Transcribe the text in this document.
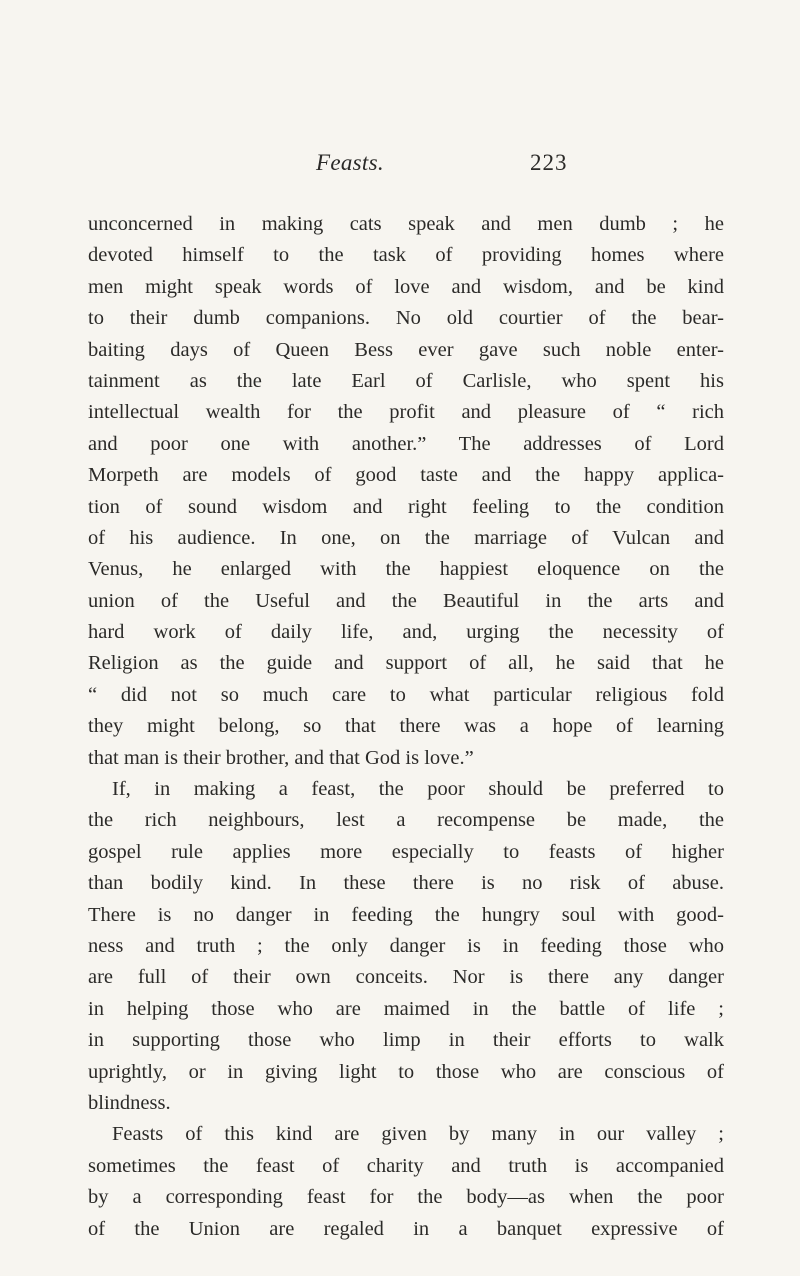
Feasts.	223
unconcerned in making cats speak and men dumb ; he
devoted himself to the task of providing homes where
men might speak words of love and wisdom, and be kind
to their dumb companions. No old courtier of the bear-
baiting days of Queen Bess ever gave such noble enter-
tainment as the late Earl of Carlisle, who spent his
intellectual wealth for the profit and pleasure of “ rich
and poor one with another.” The addresses of Lord
Morpeth are models of good taste and the happy applica-
tion of sound wisdom and right feeling to the condition
of his audience. In one, on the marriage of Vulcan and
Venus, he enlarged with the happiest eloquence on the
union of the Useful and the Beautiful in the arts and
hard work of daily life, and, urging the necessity of
Religion as the guide and support of all, he said that he
“ did not so much care to what particular religious fold
they might belong, so that there was a hope of learning
that man is their brother, and that God is love.”
If, in making a feast, the poor should be preferred to
the rich neighbours, lest a recompense be made, the
gospel rule applies more especially to feasts of higher
than bodily kind. In these there is no risk of abuse.
There is no danger in feeding the hungry soul with good-
ness and truth ; the only danger is in feeding those who
are full of their own conceits. Nor is there any danger
in helping those who are maimed in the battle of life ;
in supporting those who limp in their efforts to walk
uprightly, or in giving light to those who are conscious of
blindness.
Feasts of this kind are given by many in our valley ;
sometimes the feast of charity and truth is accompanied
by a corresponding feast for the body—as when the poor
of the Union are regaled in a banquet expressive of
